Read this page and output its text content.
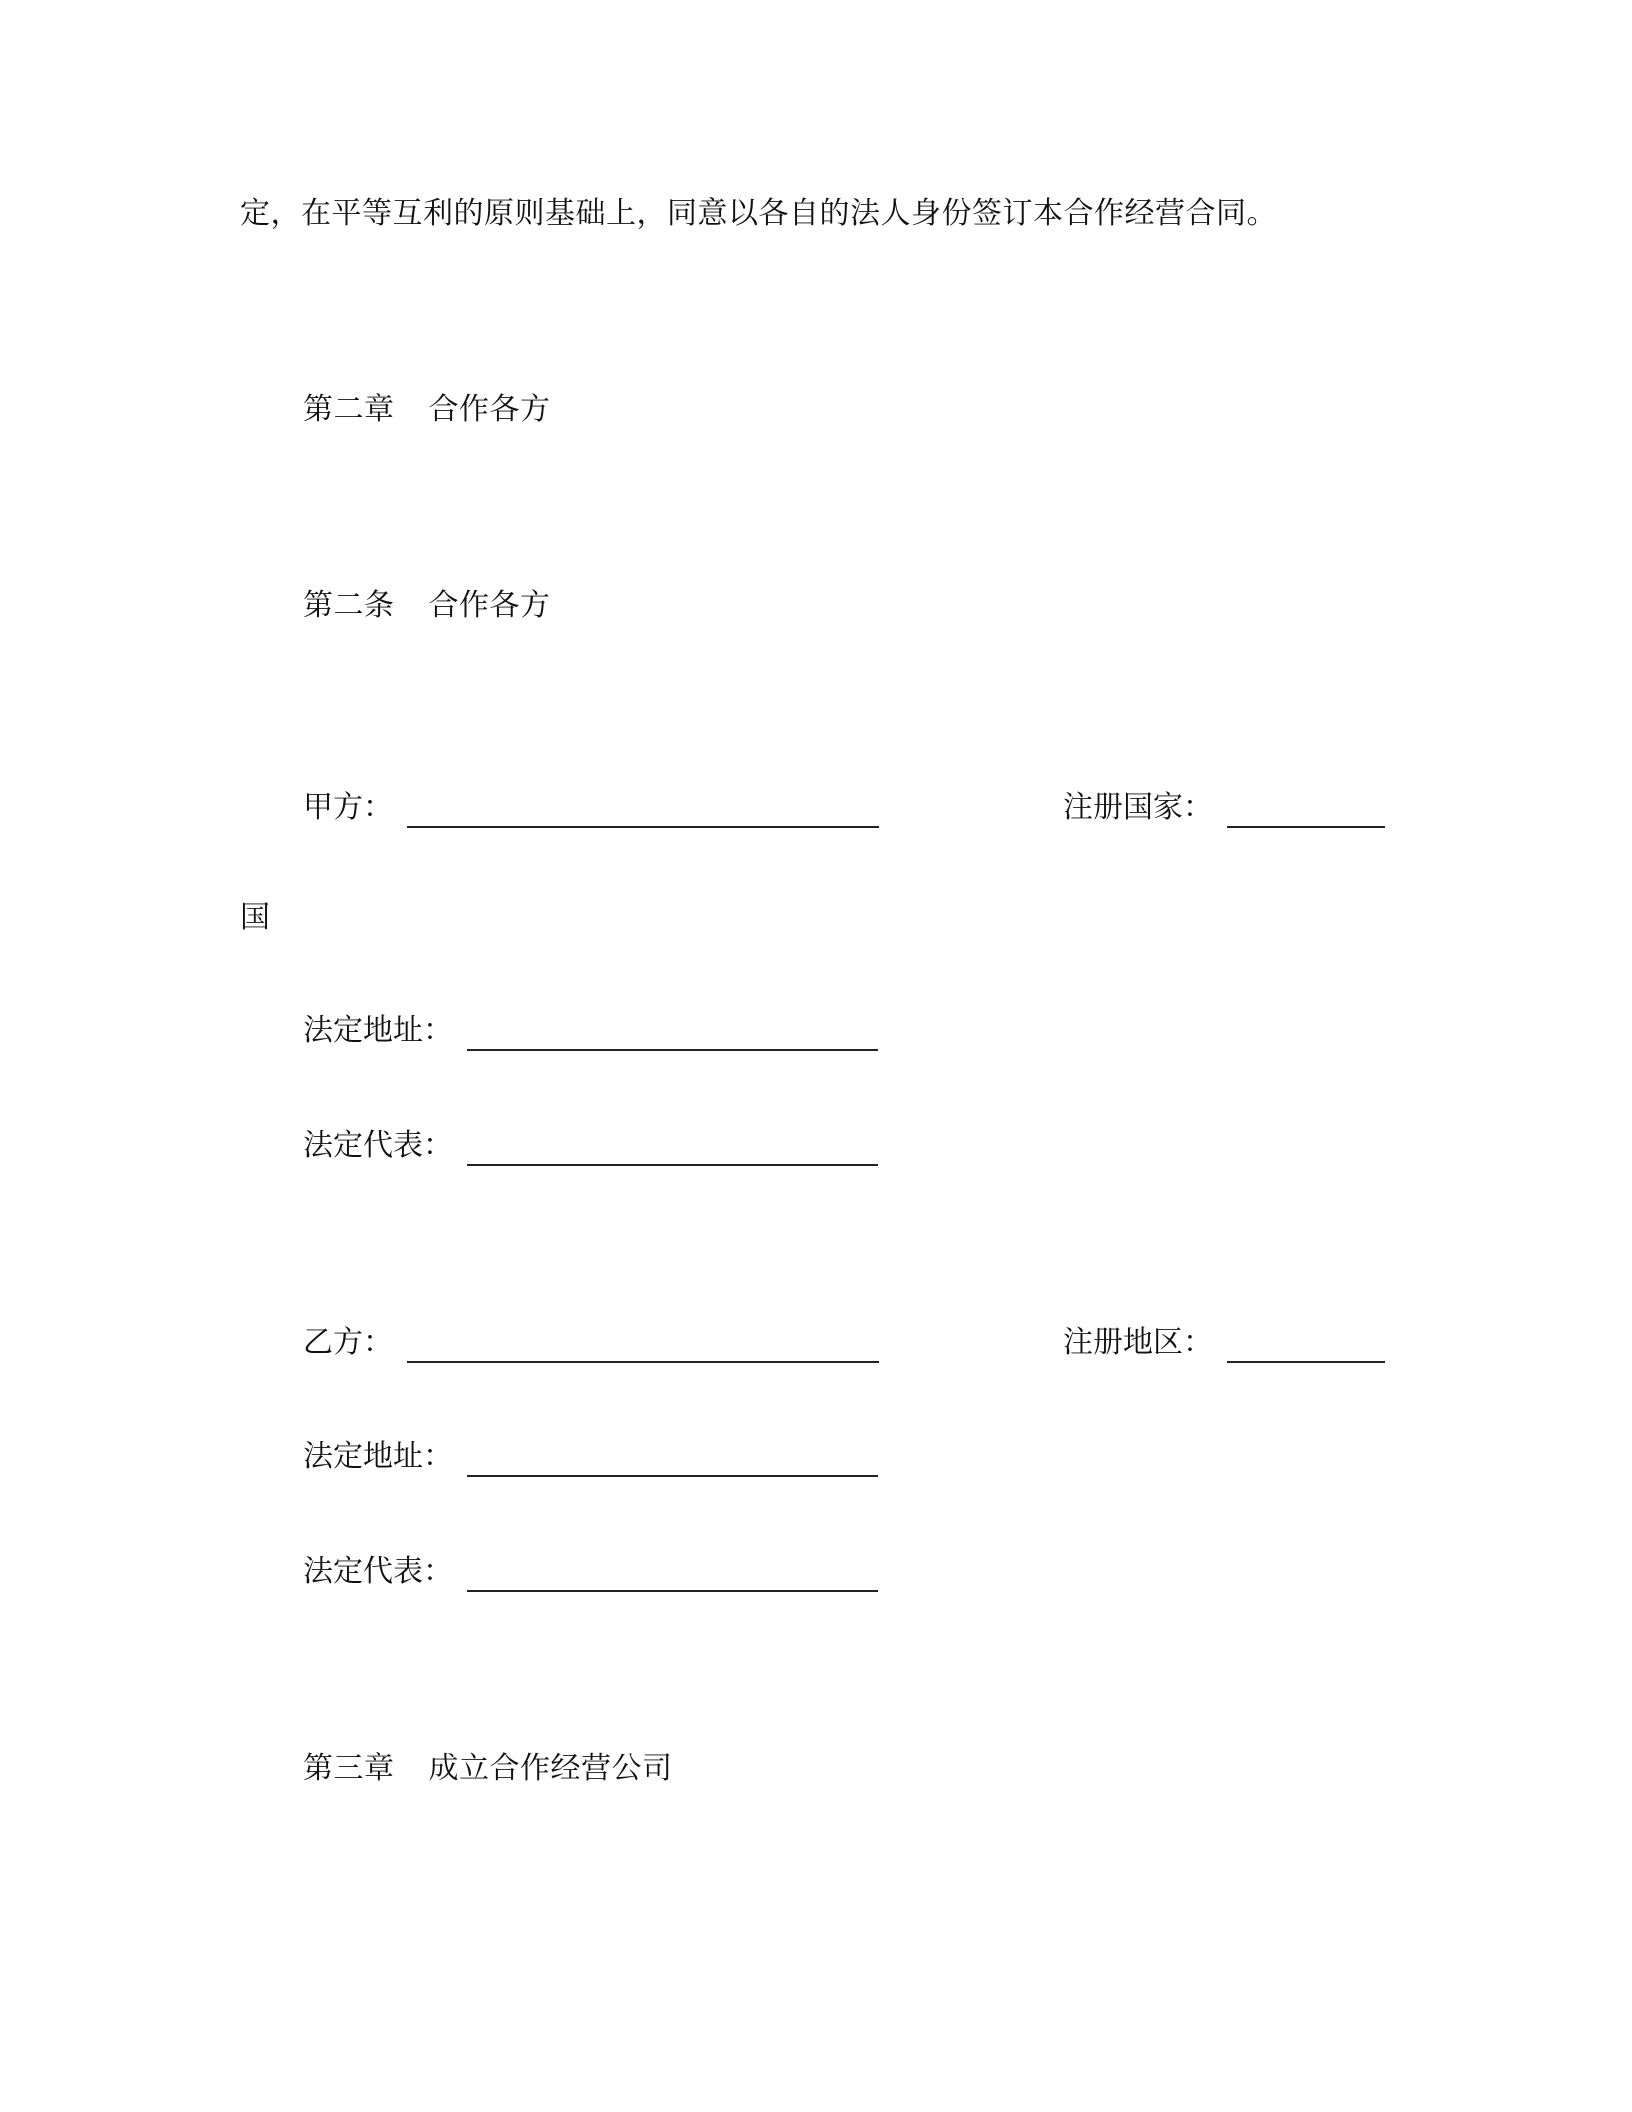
定，在平等互利的原则基础上，同意以各自的法人身份签订本合作经营合同。
第二章 合作各方
第二条 合作各方
甲方：	注册国家：
国
法定地址：
法定代表：
乙方：	注册地区：
法定地址：
法定代表：
第三章 成立合作经营公司
